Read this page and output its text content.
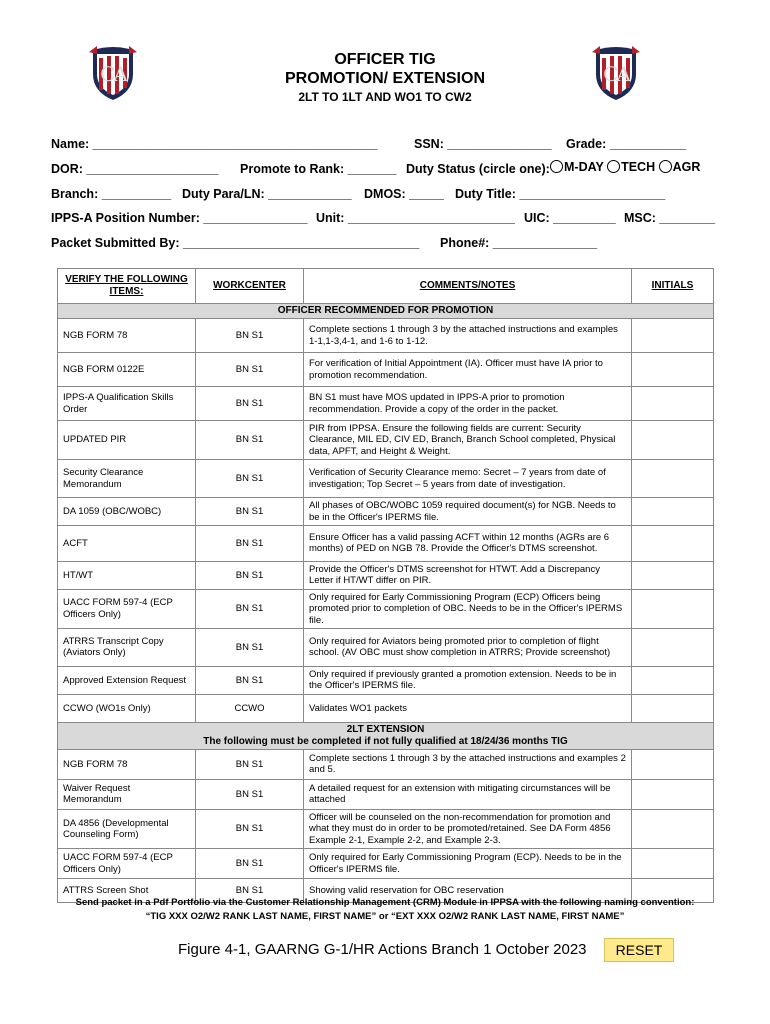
CA	CA
OFFICER TIG
PROMOTION/ EXTENSION
2LT TO 1LT AND WO1 TO CW2
Name: _________________________________________	SSN: _______________ Grade: ___________
DOR: ___________________ Promote to Rank: _______ Duty Status (circle one):	M-DAY TECH AGR
Branch: __________ Duty Para/LN: ____________ DMOS: _____ Duty Title: _____________________
IPPS-A Position Number: _______________ Unit: ________________________ UIC: _________ MSC: ________
Packet Submitted By: __________________________________ Phone#: _______________
VERIFY THE FOLLOWING ITEMS:	WORKCENTER	COMMENTS/NOTES	INITIALS
OFFICER RECOMMENDED FOR PROMOTION			
NGB FORM 78	BN S1	Complete sections 1 through 3 by the attached instructions and examples 1-1,1-3,4-1, and 1-6 to 1-12.	
NGB FORM 0122E	BN S1	For verification of Initial Appointment (IA). Officer must have IA prior to promotion recommendation.	
IPPS-A Qualification Skills Order	BN S1	BN S1 must have MOS updated in IPPS-A prior to promotion recommendation. Provide a copy of the order in the packet.	
UPDATED PIR	BN S1	PIR from IPPSA. Ensure the following fields are current: Security Clearance, MIL ED, CIV ED, Branch, Branch School completed, Physical data, APFT, and Height & Weight.	
Security Clearance Memorandum	BN S1	Verification of Security Clearance memo: Secret – 7 years from date of investigation; Top Secret – 5 years from date of investigation.	
DA 1059 (OBC/WOBC)	BN S1	All phases of OBC/WOBC 1059 required document(s) for NGB. Needs to be in the Officer's IPERMS file.	
ACFT	BN S1	Ensure Officer has a valid passing ACFT within 12 months (AGRs are 6 months) of PED on NGB 78. Provide the Officer's DTMS screenshot.	
HT/WT	BN S1	Provide the Officer's DTMS screenshot for HTWT. Add a Discrepancy Letter if HT/WT differ on PIR.	
UACC FORM 597-4 (ECP Officers Only)	BN S1	Only required for Early Commissioning Program (ECP) Officers being promoted prior to completion of OBC. Needs to be in the Officer's IPERMS file.	
ATRRS Transcript Copy (Aviators Only)	BN S1	Only required for Aviators being promoted prior to completion of flight school. (AV OBC must show completion in ATRRS; Provide screenshot)	
Approved Extension Request	BN S1	Only required if previously granted a promotion extension. Needs to be in the Officer's IPERMS file.	
CCWO (WO1s Only)	CCWO	Validates WO1 packets	

2LT EXTENSION
The following must be completed if not fully qualified at 18/24/36 months TIG			

NGB FORM 78	BN S1	Complete sections 1 through 3 by the attached instructions and examples 2 and 5.	
Waiver Request Memorandum	BN S1	A detailed request for an extension with mitigating circumstances will be attached	
DA 4856 (Developmental Counseling Form)	BN S1	Officer will be counseled on the non-recommendation for promotion and what they must do in order to be promoted/retained. See DA Form 4856 Example 2-1, Example 2-2, and Example 2-3.	
UACC FORM 597-4 (ECP Officers Only)	BN S1	Only required for Early Commissioning Program (ECP). Needs to be in the Officer's IPERMS file.	
ATTRS Screen Shot	BN S1	Showing valid reservation for OBC reservation	
Send packet in a Pdf Portfolio via the Customer Relationship Management (CRM) Module in IPPSA with the following naming convention:
“TIG XXX O2/W2 RANK LAST NAME, FIRST NAME” or “EXT XXX O2/W2 RANK LAST NAME, FIRST NAME”
Figure 4-1, GAARNG G-1/HR Actions Branch 1 October 2023	RESET
